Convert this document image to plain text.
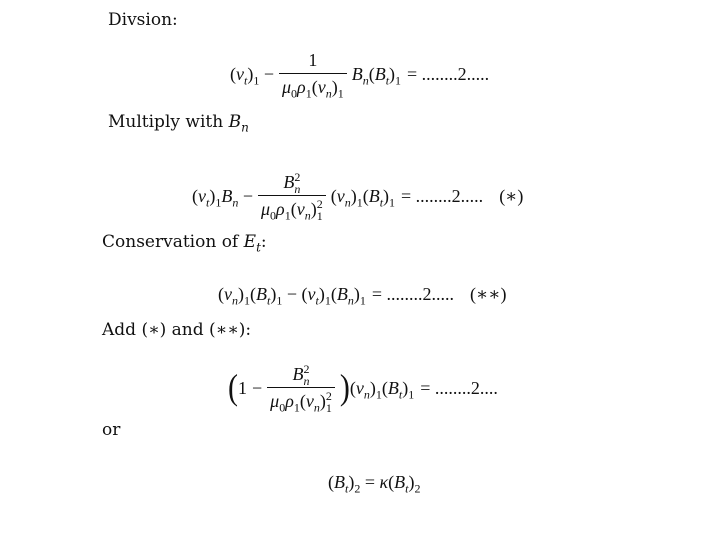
Divsion:
$(v_t)_1 - \frac{1}{\mu_0\rho_1(v_n)_1} B_n(B_t)_1 = ........2$.....
Multiply with $B_n$
$(v_t)_1B_n - \frac{B^2_n}{\mu_0\rho_1(v_n)^2_1} (v_n)_1(B_t)_1 = ........2$..... (∗)
Conservation of $E_t$:
$(v_n)_1(B_t)_1 - (v_t)_1(B_n)_1 = ........2$..... (∗∗)
Add (∗) and (∗∗):
( $1 - \frac{B^2_n}{\mu_0\rho_1(v_n)^2_1}$ ) $(v_n)_1(B_t)_1 = ........2$....
or
$(B_t)_2 = \kappa(B_t)_2$
